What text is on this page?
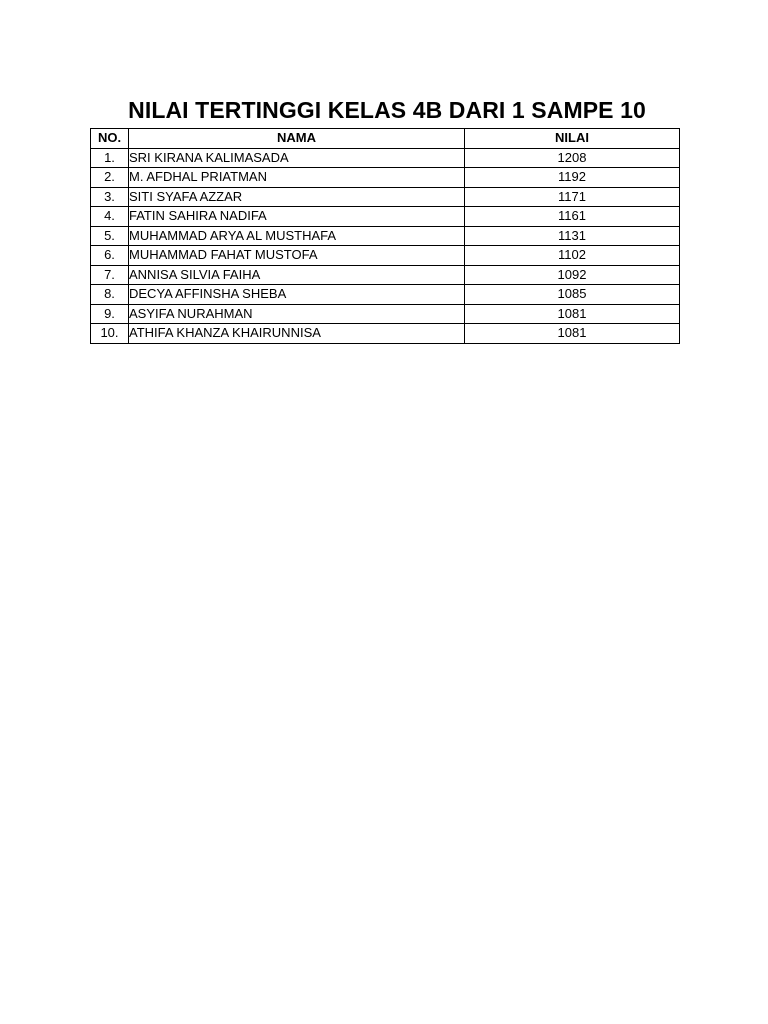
NILAI TERTINGGI KELAS 4B DARI 1 SAMPE 10
NO.	NAMA	NILAI
1.	SRI KIRANA KALIMASADA	1208
2.	M. AFDHAL PRIATMAN	1192
3.	SITI SYAFA AZZAR	1171
4.	FATIN SAHIRA NADIFA	1161
5.	MUHAMMAD ARYA AL MUSTHAFA	1131
6.	MUHAMMAD FAHAT MUSTOFA	1102
7.	ANNISA SILVIA FAIHA	1092
8.	DECYA AFFINSHA SHEBA	1085
9.	ASYIFA NURAHMAN	1081
10.	ATHIFA KHANZA KHAIRUNNISA	1081
